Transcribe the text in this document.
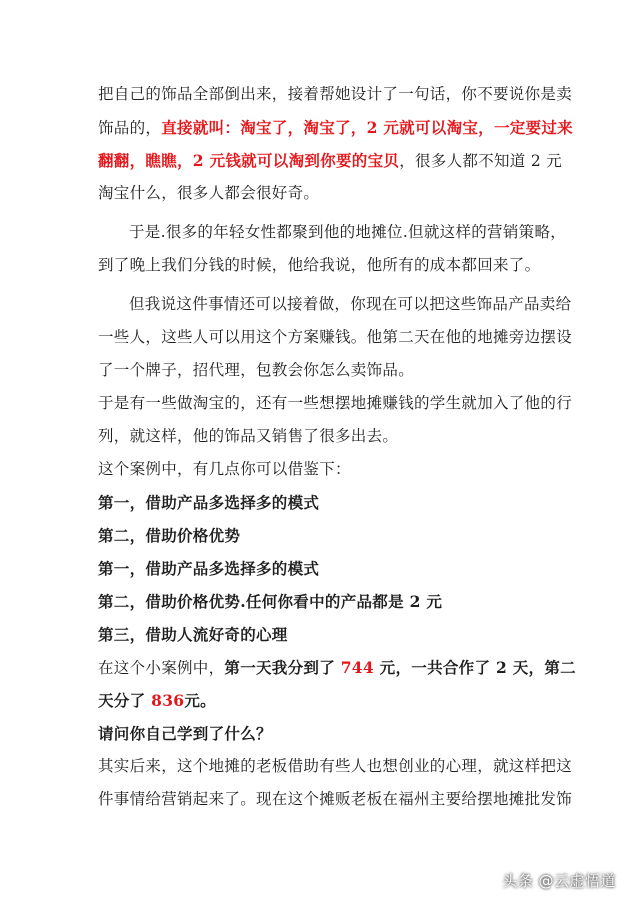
把自己的饰品全部倒出来，接着帮她设计了一句话，你不要说你是卖
饰品的，直接就叫：淘宝了，淘宝了，2 元就可以淘宝，一定要过来
翻翻，瞧瞧，2 元钱就可以淘到你要的宝贝，很多人都不知道 2 元
淘宝什么，很多人都会很好奇。
于是.很多的年轻女性都聚到他的地摊位.但就这样的营销策略，
到了晚上我们分钱的时候，他给我说，他所有的成本都回来了。
但我说这件事情还可以接着做，你现在可以把这些饰品产品卖给
一些人，这些人可以用这个方案赚钱。他第二天在他的地摊旁边摆设
了一个牌子，招代理，包教会你怎么卖饰品。
于是有一些做淘宝的，还有一些想摆地摊赚钱的学生就加入了他的行
列，就这样，他的饰品又销售了很多出去。
这个案例中，有几点你可以借鉴下：
第一，借助产品多选择多的模式
第二，借助价格优势
第一，借助产品多选择多的模式
第二，借助价格优势.任何你看中的产品都是 2 元
第三，借助人流好奇的心理
在这个小案例中，第一天我分到了 744 元，一共合作了 2 天，第二
天分了 836元。
请问你自己学到了什么？
其实后来，这个地摊的老板借助有些人也想创业的心理，就这样把这
件事情给营销起来了。现在这个摊贩老板在福州主要给摆地摊批发饰
头条 @云虚悟道
